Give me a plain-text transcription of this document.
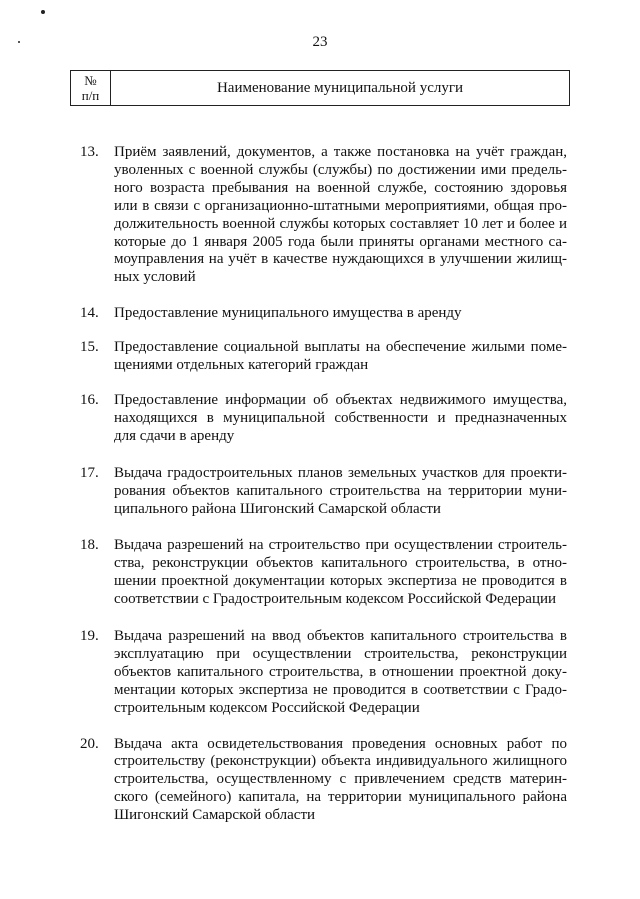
23
№
п/п	Наименование муниципальной услуги
13.	Приём заявлений, документов, а также постановка на учёт граждан,
уволенных с военной службы (службы) по достижении ими предель-
ного возраста пребывания на военной службе, состоянию здоровья
или в связи с организационно-штатными мероприятиями, общая про-
должительность военной службы которых составляет 10 лет и более и
которые до 1 января 2005 года были приняты органами местного са-
моуправления на учёт в качестве нуждающихся в улучшении жилищ-
ных условий
14.	Предоставление муниципального имущества в аренду
15.	Предоставление социальной выплаты на обеспечение жилыми поме-
щениями отдельных категорий граждан
16.	Предоставление информации об объектах недвижимого имущества,
находящихся в муниципальной собственности и предназначенных
для сдачи в аренду
17.	Выдача градостроительных планов земельных участков для проекти-
рования объектов капитального строительства на территории муни-
ципального района Шигонский Самарской области
18.	Выдача разрешений на строительство при осуществлении строитель-
ства, реконструкции объектов капитального строительства, в отно-
шении проектной документации которых экспертиза не проводится в
соответствии с Градостроительным кодексом Российской Федерации
19.	Выдача разрешений на ввод объектов капитального строительства в
эксплуатацию при осуществлении строительства, реконструкции
объектов капитального строительства, в отношении проектной доку-
ментации которых экспертиза не проводится в соответствии с Градо-
строительным кодексом Российской Федерации
20.	Выдача акта освидетельствования проведения основных работ по
строительству (реконструкции) объекта индивидуального жилищного
строительства, осуществленному с привлечением средств материн-
ского (семейного) капитала, на территории муниципального района
Шигонский Самарской области
